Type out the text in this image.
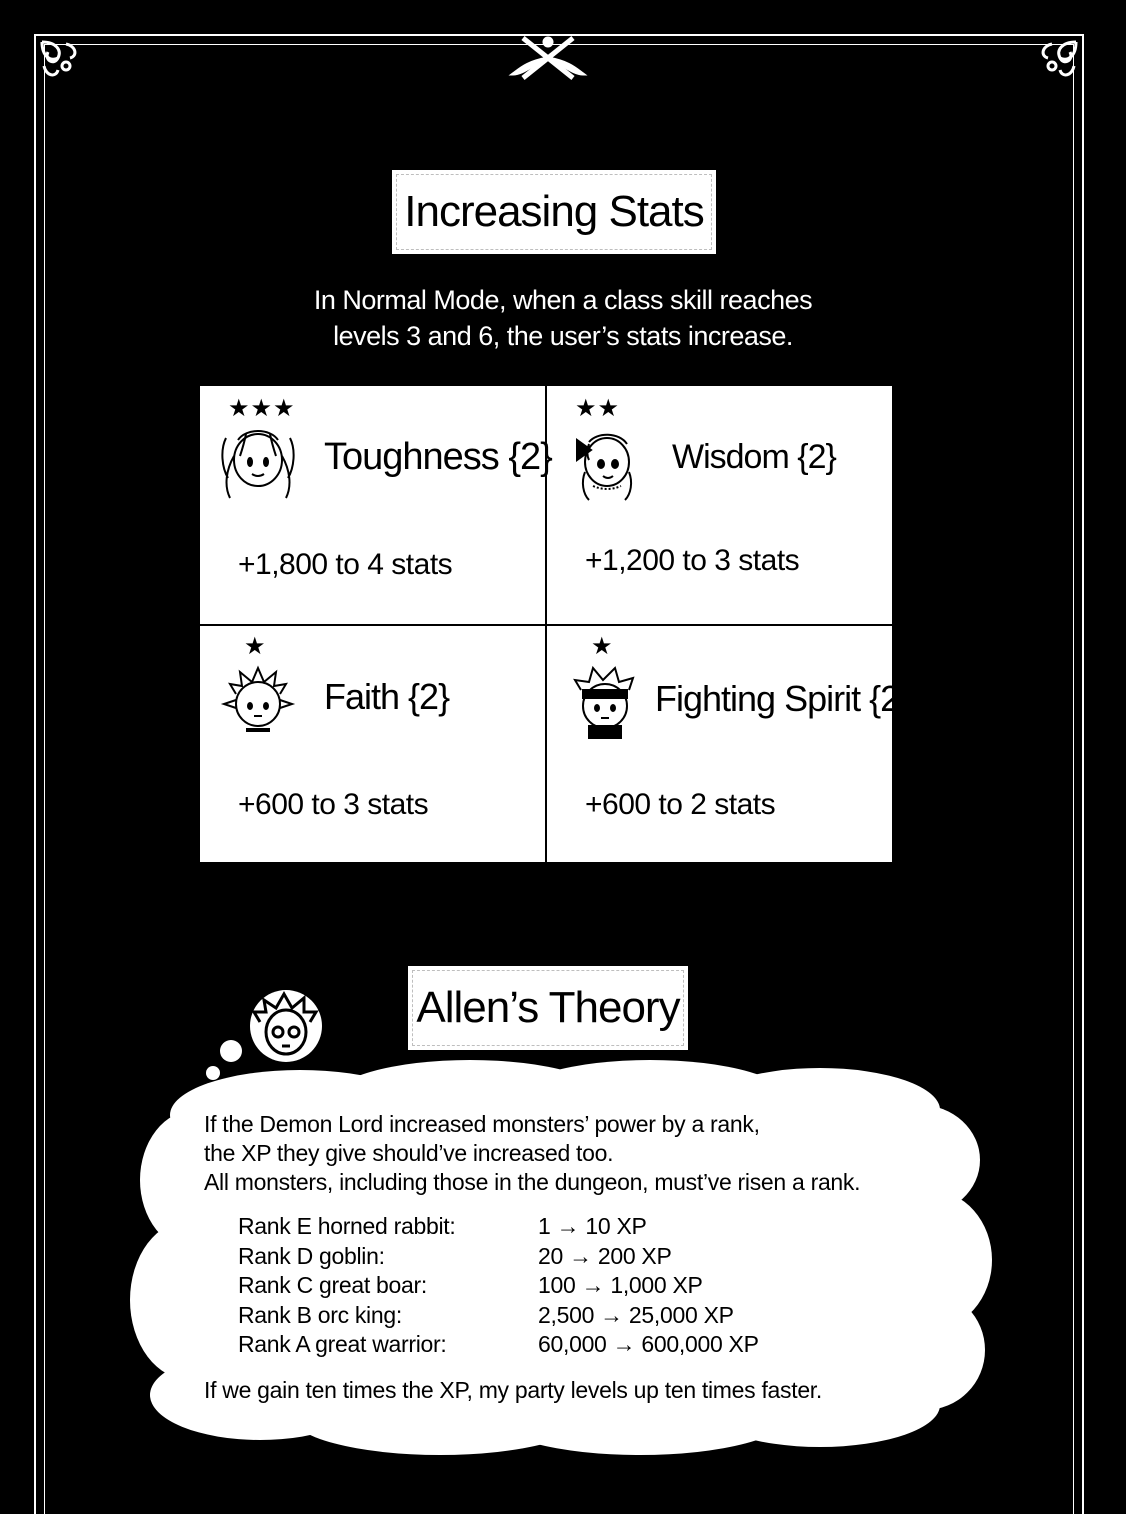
Increasing Stats
In Normal Mode, when a class skill reaches
levels 3 and 6, the user’s stats increase.
★★★
Toughness {2}
+1,800 to 4 stats
★★
Wisdom {2}
+1,200 to 3 stats
★
Faith {2}
+600 to 3 stats
★
Fighting Spirit {2}
+600 to 2 stats
Allen’s Theory
If the Demon Lord increased monsters’ power by a rank,
the XP they give should’ve increased too.
All monsters, including those in the dungeon, must’ve risen a rank.
Rank E horned rabbit:	1 → 10 XP
Rank D goblin:	20 → 200 XP
Rank C great boar:	100 → 1,000 XP
Rank B orc king:	2,500 → 25,000 XP
Rank A great warrior:	60,000 → 600,000 XP
If we gain ten times the XP, my party levels up ten times faster.
